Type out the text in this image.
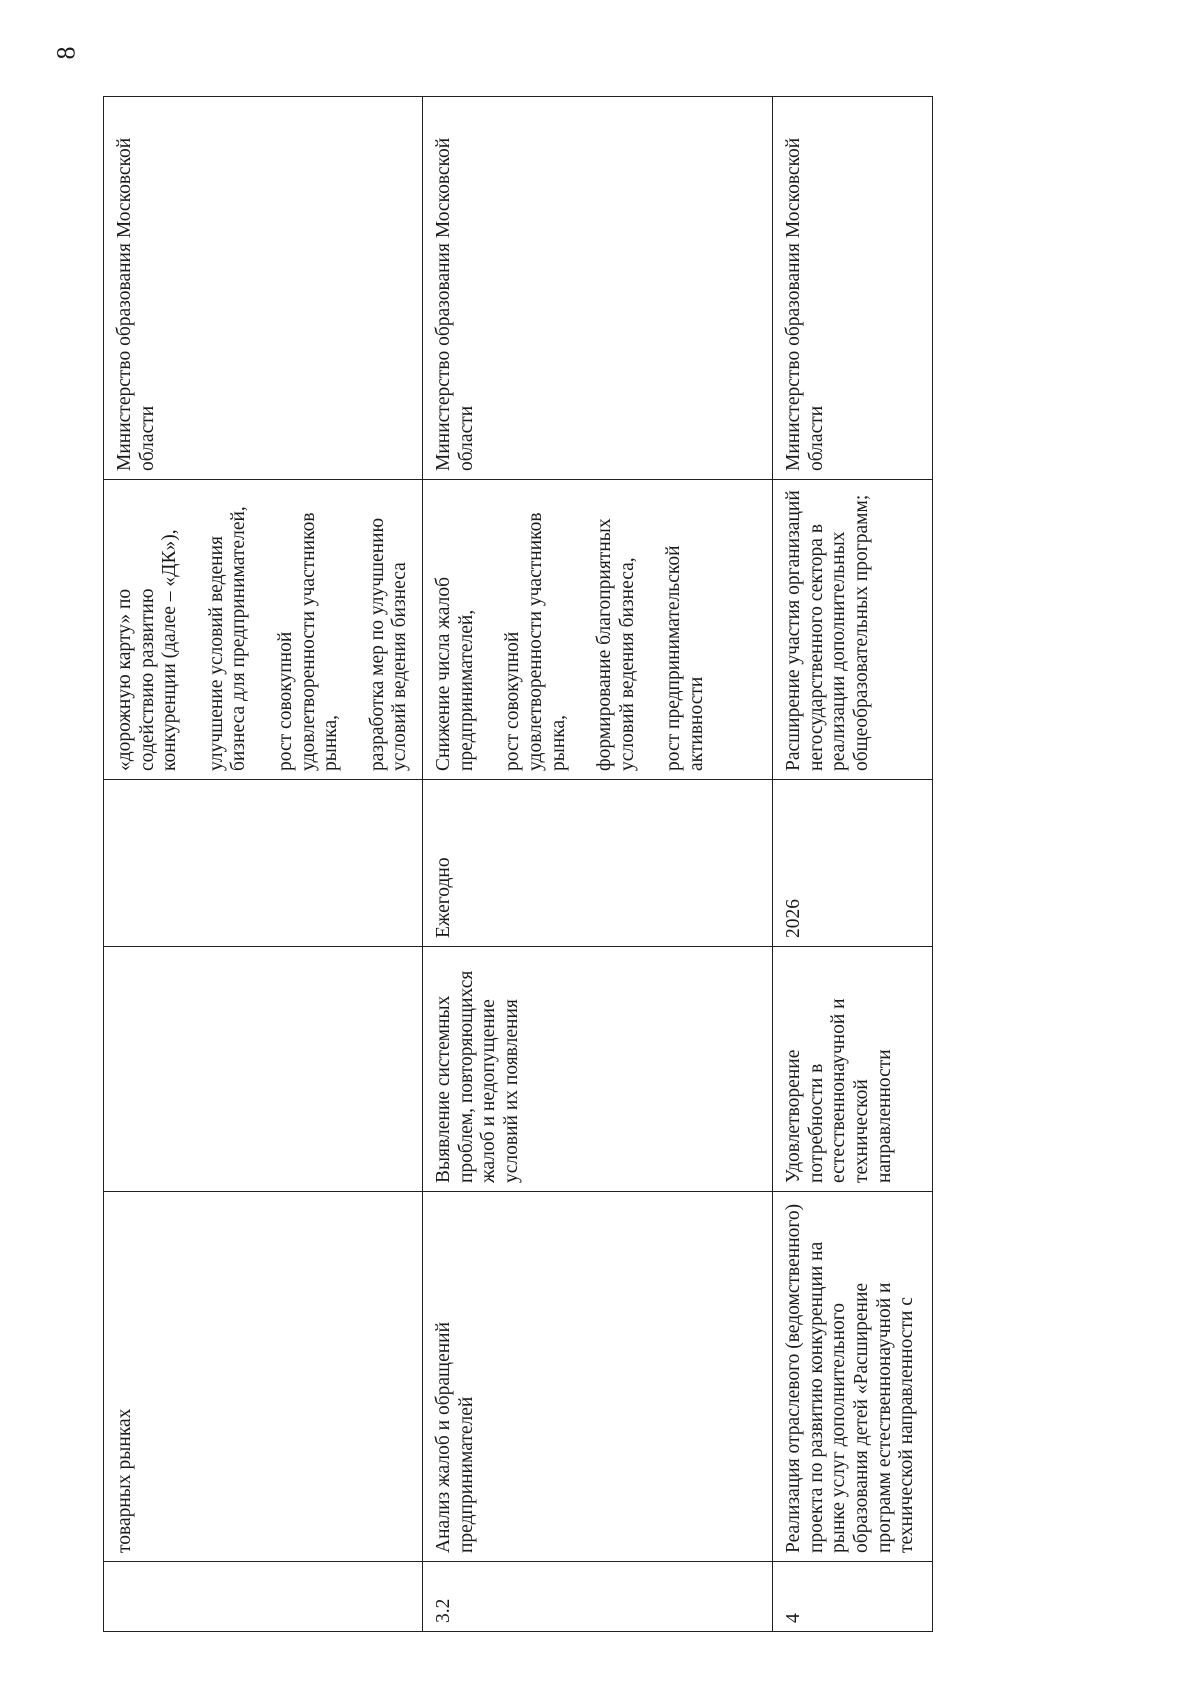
8
	товарных рынках			«дорожную карту» по содействию развитию конкуренции (далее – «ДК»), улучшение условий ведения бизнеса для предпринимателей, рост совокупной удовлетворенности участников рынка, разработка мер по улучшению условий ведения бизнеса	Министерство образования Московской области
3.2	Анализ жалоб и обращений предпринимателей	Выявление системных проблем, повторяющихся жалоб и недопущение условий их появления	Ежегодно	Снижение числа жалоб предпринимателей, рост совокупной удовлетворенности участников рынка, формирование благоприятных условий ведения бизнеса, рост предпринимательской активности	Министерство образования Московской области
4	Реализация отраслевого (ведомственного) проекта по развитию конкуренции на рынке услуг дополнительного образования детей «Расширение программ естественнонаучной и технической направленности с	Удовлетворение потребности в естественнонаучной и технической направленности	2026	Расширение участия организаций негосударственного сектора в реализации дополнительных общеобразовательных программ;	Министерство образования Московской области
